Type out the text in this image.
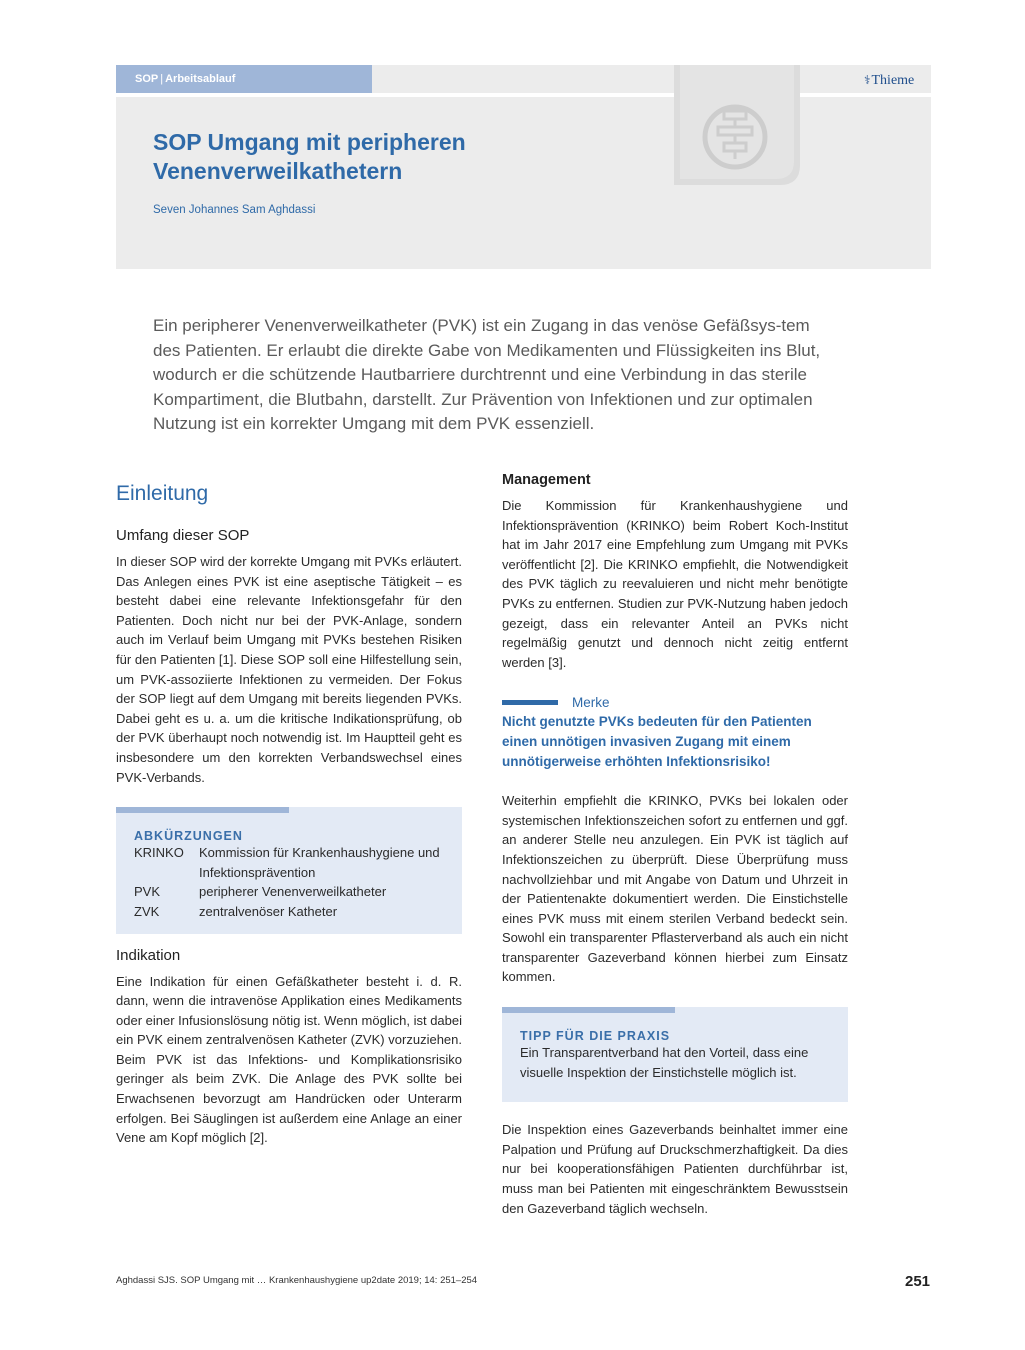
SOP | Arbeitsablauf	⚕Thieme
SOP Umgang mit peripheren
Venenverweilkathetern
Seven Johannes Sam Aghdassi

Ein peripherer Venenverweilkatheter (PVK) ist ein Zugang in das venöse Gefäßsys-tem des Patienten. Er erlaubt die direkte Gabe von Medikamenten und Flüssigkeiten ins Blut, wodurch er die schützende Hautbarriere durchtrennt und eine Verbindung in das sterile Kompartiment, die Blutbahn, darstellt. Zur Prävention von Infektionen und zur optimalen Nutzung ist ein korrekter Umgang mit dem PVK essenziell.

Einleitung
Umfang dieser SOP

In dieser SOP wird der korrekte Umgang mit PVKs erläutert. Das Anlegen eines PVK ist eine aseptische Tätigkeit – es besteht dabei eine relevante Infektionsgefahr für den Patienten. Doch nicht nur bei der PVK-Anlage, sondern auch im Verlauf beim Umgang mit PVKs bestehen Risiken für den Patienten [1]. Diese SOP soll eine Hilfestellung sein, um PVK-assoziierte Infektionen zu vermeiden. Der Fokus der SOP liegt auf dem Umgang mit bereits liegenden PVKs. Dabei geht es u. a. um die kritische Indikationsprüfung, ob der PVK überhaupt noch notwendig ist. Im Hauptteil geht es insbesondere um den korrekten Verbandswechsel eines PVK-Verbands.

ABKÜRZUNGEN
KRINKO	Kommission für Krankenhaushygiene und Infektionsprävention
PVK	peripherer Venenverweilkatheter
ZVK	zentralvenöser Katheter
Indikation

Eine Indikation für einen Gefäßkatheter besteht i. d. R. dann, wenn die intravenöse Applikation eines Medikaments oder einer Infusionslösung nötig ist. Wenn möglich, ist dabei ein PVK einem zentralvenösen Katheter (ZVK) vorzuziehen. Beim PVK ist das Infektions- und Komplikationsrisiko geringer als beim ZVK. Die Anlage des PVK sollte bei Erwachsenen bevorzugt am Handrücken oder Unterarm erfolgen. Bei Säuglingen ist außerdem eine Anlage an einer Vene am Kopf möglich [2].

Management

Die Kommission für Krankenhaushygiene und Infektionsprävention (KRINKO) beim Robert Koch-Institut hat im Jahr 2017 eine Empfehlung zum Umgang mit PVKs veröffentlicht [2]. Die KRINKO empfiehlt, die Notwendigkeit des PVK täglich zu reevaluieren und nicht mehr benötigte PVKs zu entfernen. Studien zur PVK-Nutzung haben jedoch gezeigt, dass ein relevanter Anteil an PVKs nicht regelmäßig genutzt und dennoch nicht zeitig entfernt werden [3].

Merke

Nicht genutzte PVKs bedeuten für den Patienten einen unnötigen invasiven Zugang mit einem unnötigerweise erhöhten Infektionsrisiko!

Weiterhin empfiehlt die KRINKO, PVKs bei lokalen oder systemischen Infektionszeichen sofort zu entfernen und ggf. an anderer Stelle neu anzulegen. Ein PVK ist täglich auf Infektionszeichen zu überprüft. Diese Überprüfung muss nachvollziehbar und mit Angabe von Datum und Uhrzeit in der Patientenakte dokumentiert werden. Die Einstichstelle eines PVK muss mit einem sterilen Verband bedeckt sein. Sowohl ein transparenter Pflasterverband als auch ein nicht transparenter Gazeverband können hierbei zum Einsatz kommen.

TIPP FÜR DIE PRAXIS

Ein Transparentverband hat den Vorteil, dass eine visuelle Inspektion der Einstichstelle möglich ist.

Die Inspektion eines Gazeverbands beinhaltet immer eine Palpation und Prüfung auf Druckschmerzhaftigkeit. Da dies nur bei kooperationsfähigen Patienten durchführbar ist, muss man bei Patienten mit eingeschränktem Bewusstsein den Gazeverband täglich wechseln.

Aghdassi SJS. SOP Umgang mit … Krankenhaushygiene up2date 2019; 14: 251–254	251
